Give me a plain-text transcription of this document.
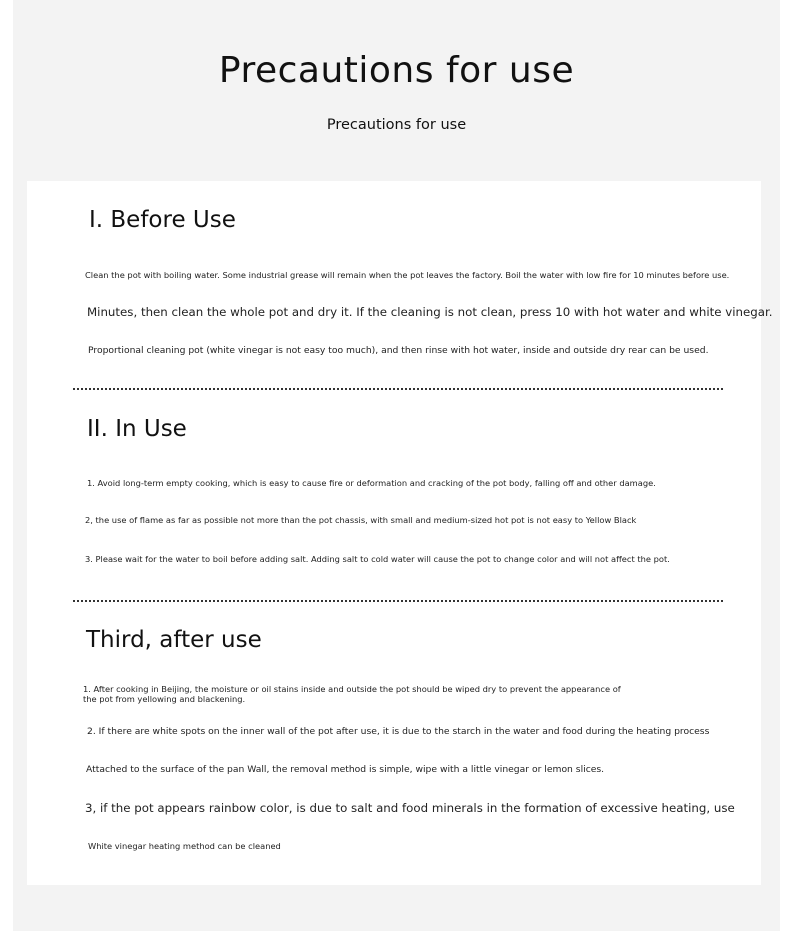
Precautions for use
Precautions for use
I. Before Use
Clean the pot with boiling water. Some industrial grease will remain when the pot leaves the factory. Boil the water with low fire for 10 minutes before use.
Minutes, then clean the whole pot and dry it. If the cleaning is not clean, press 10 with hot water and white vinegar.
Proportional cleaning pot (white vinegar is not easy too much), and then rinse with hot water, inside and outside dry rear can be used.
II. In Use
1. Avoid long-term empty cooking, which is easy to cause fire or deformation and cracking of the pot body, falling off and other damage.
2, the use of flame as far as possible not more than the pot chassis, with small and medium-sized hot pot is not easy to Yellow Black
3. Please wait for the water to boil before adding salt. Adding salt to cold water will cause the pot to change color and will not affect the pot.
Third, after use
1. After cooking in Beijing, the moisture or oil stains inside and outside the pot should be wiped dry to prevent the appearance of the pot from yellowing and blackening.
2. If there are white spots on the inner wall of the pot after use, it is due to the starch in the water and food during the heating process
Attached to the surface of the pan Wall, the removal method is simple, wipe with a little vinegar or lemon slices.
3, if the pot appears rainbow color, is due to salt and food minerals in the formation of excessive heating, use
White vinegar heating method can be cleaned
